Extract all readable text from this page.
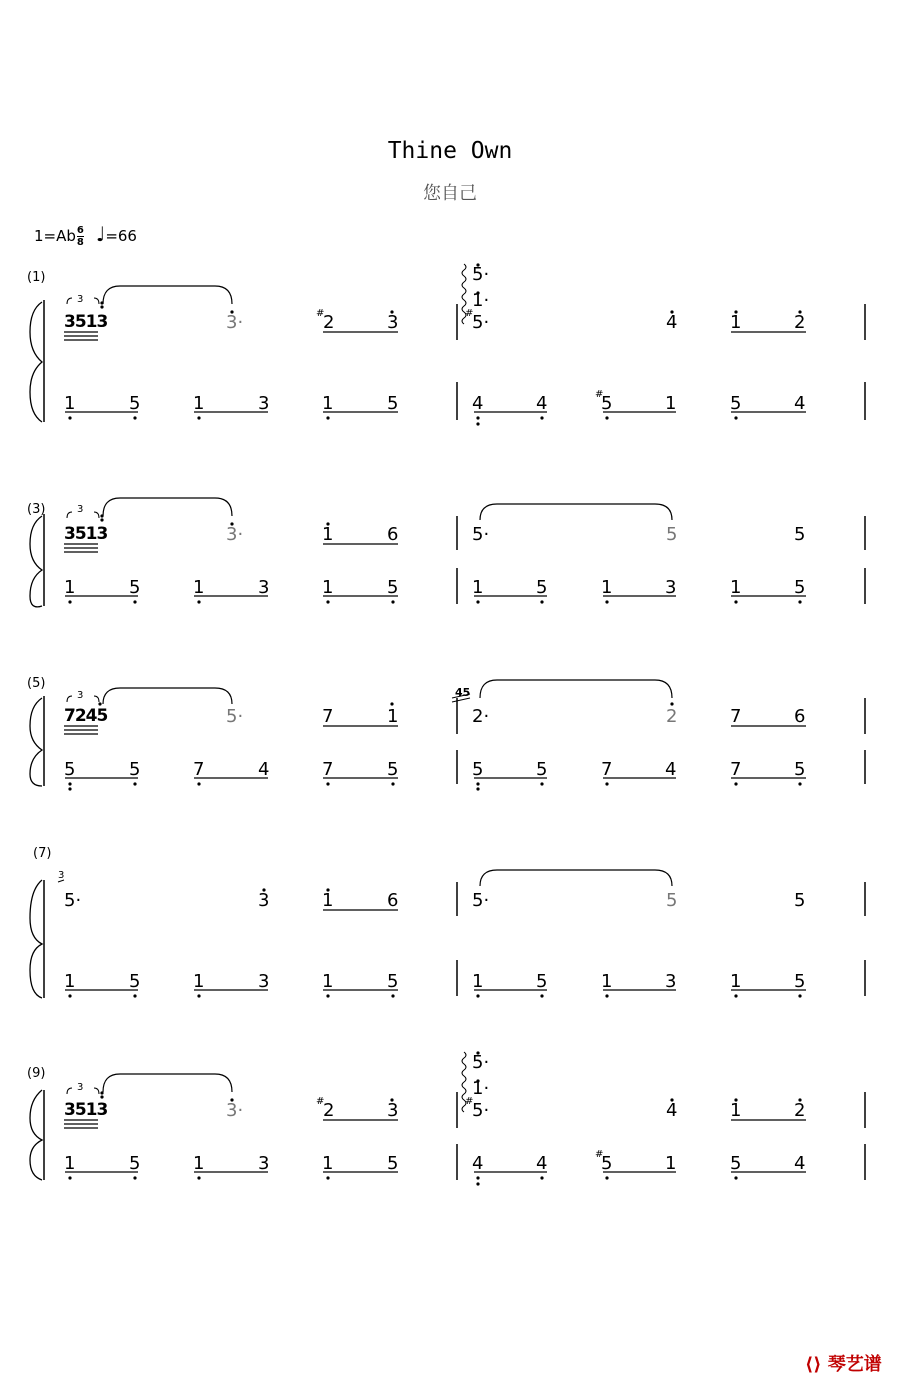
Thine Own
您自己
$1=Ab \frac{6}{8}$ ♩=66
(1)
3
3513	3·	#
2	3
5·
1·
#
5·	4	1	2
1	5	1	3	1	5	4	4	#
5	1	5	4
(3)	3
3513	3·	1	6	5·	5	5
1	5	1	3	1	5	1	5	1	3	1	5
(5)
3
7245	5·	7	1
45
2·	2	7	6
5	5	7	4	7	5	5	5	7	4	7	5
(7)
3
5·	3	1	6	5·	5	5
1	5	1	3	1	5	1	5	1	3	1	5
(9)
3
3513	3·	#
2	3
5·
1·
#
5·	4	1	2
1	5	1	3	1	5	4	4	#
5	1	5	4
⟨⟩ 琴艺谱
